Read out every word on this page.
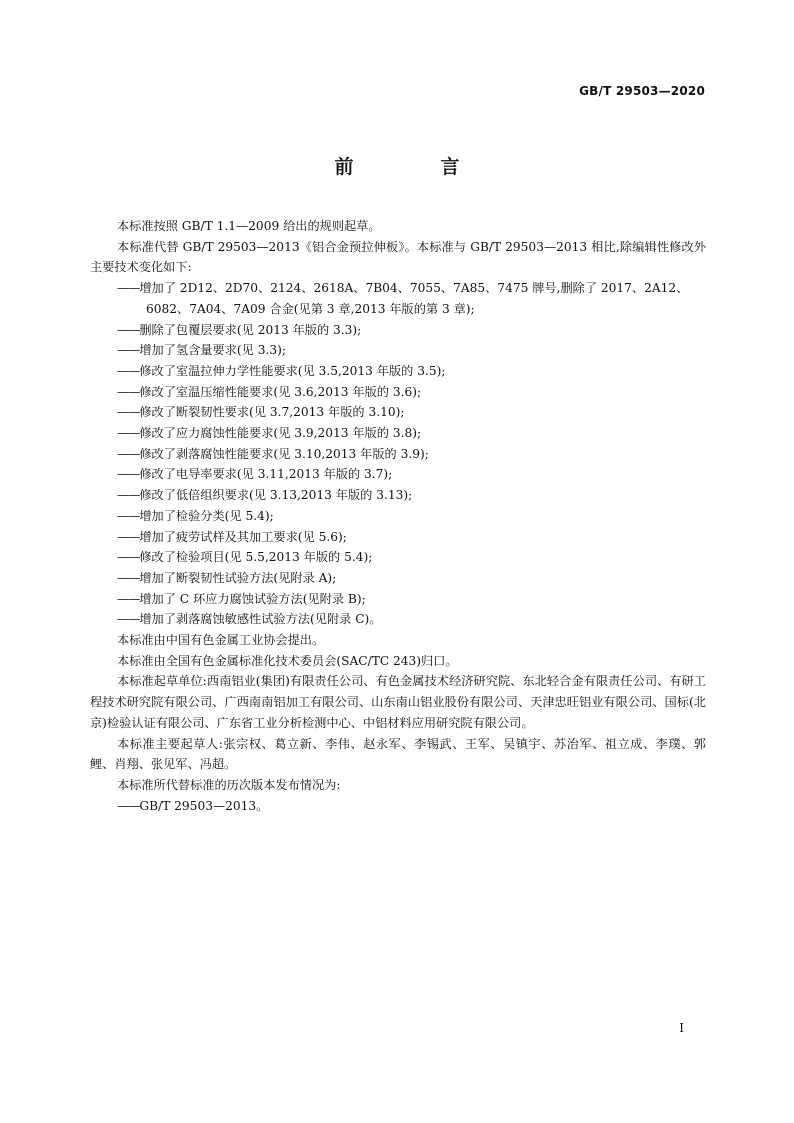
GB/T 29503—2020
前　言

本标准按照 GB/T 1.1—2009 给出的规则起草。

本标准代替 GB/T 29503—2013《铝合金预拉伸板》。本标准与 GB/T 29503—2013 相比,除编辑性修改外主要技术变化如下:

——增加了 2D12、2D70、2124、2618A、7B04、7055、7A85、7475 牌号,删除了 2017、2A12、6082、7A04、7A09 合金(见第 3 章,2013 年版的第 3 章);

——删除了包覆层要求(见 2013 年版的 3.3);

——增加了氢含量要求(见 3.3);

——修改了室温拉伸力学性能要求(见 3.5,2013 年版的 3.5);

——修改了室温压缩性能要求(见 3.6,2013 年版的 3.6);

——修改了断裂韧性要求(见 3.7,2013 年版的 3.10);

——修改了应力腐蚀性能要求(见 3.9,2013 年版的 3.8);

——修改了剥落腐蚀性能要求(见 3.10,2013 年版的 3.9);

——修改了电导率要求(见 3.11,2013 年版的 3.7);

——修改了低倍组织要求(见 3.13,2013 年版的 3.13);

——增加了检验分类(见 5.4);

——增加了疲劳试样及其加工要求(见 5.6);

——修改了检验项目(见 5.5,2013 年版的 5.4);

——增加了断裂韧性试验方法(见附录 A);

——增加了 C 环应力腐蚀试验方法(见附录 B);

——增加了剥落腐蚀敏感性试验方法(见附录 C)。

本标准由中国有色金属工业协会提出。

本标准由全国有色金属标准化技术委员会(SAC/TC 243)归口。

本标准起草单位:西南铝业(集团)有限责任公司、有色金属技术经济研究院、东北轻合金有限责任公司、有研工程技术研究院有限公司、广西南南铝加工有限公司、山东南山铝业股份有限公司、天津忠旺铝业有限公司、国标(北京)检验认证有限公司、广东省工业分析检测中心、中铝材料应用研究院有限公司。

本标准主要起草人:张宗权、葛立新、李伟、赵永军、李锡武、王军、吴镇宇、苏治军、祖立成、李璞、郭鲤、肖翔、张见军、冯超。

本标准所代替标准的历次版本发布情况为:

——GB/T 29503—2013。

I
